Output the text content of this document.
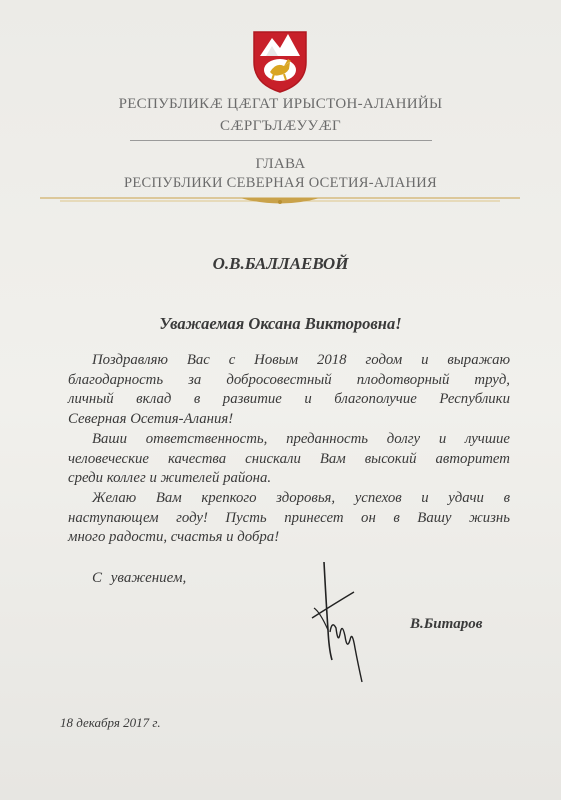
РЕСПУБЛИКӔ ЦӔГАТ ИРЫСТОН-АЛАНИЙЫ
СӔРГЪЛӔУУӔГ
ГЛАВА
РЕСПУБЛИКИ СЕВЕРНАЯ ОСЕТИЯ-АЛАНИЯ
О.В.БАЛЛАЕВОЙ
Уважаемая Оксана Викторовна!
Поздравляю Вас с Новым 2018 годом и выражаю
благодарность за добросовестный плодотворный труд,
личный вклад в развитие и благополучие Республики
Северная Осетия-Алания!
Ваши ответственность, преданность долгу и лучшие
человеческие качества снискали Вам высокий авторитет
среди коллег и жителей района.
Желаю Вам крепкого здоровья, успехов и удачи в
наступающем году! Пусть принесет он в Вашу жизнь
много радости, счастья и добра!
С уважением,
В.Битаров
18 декабря 2017 г.
